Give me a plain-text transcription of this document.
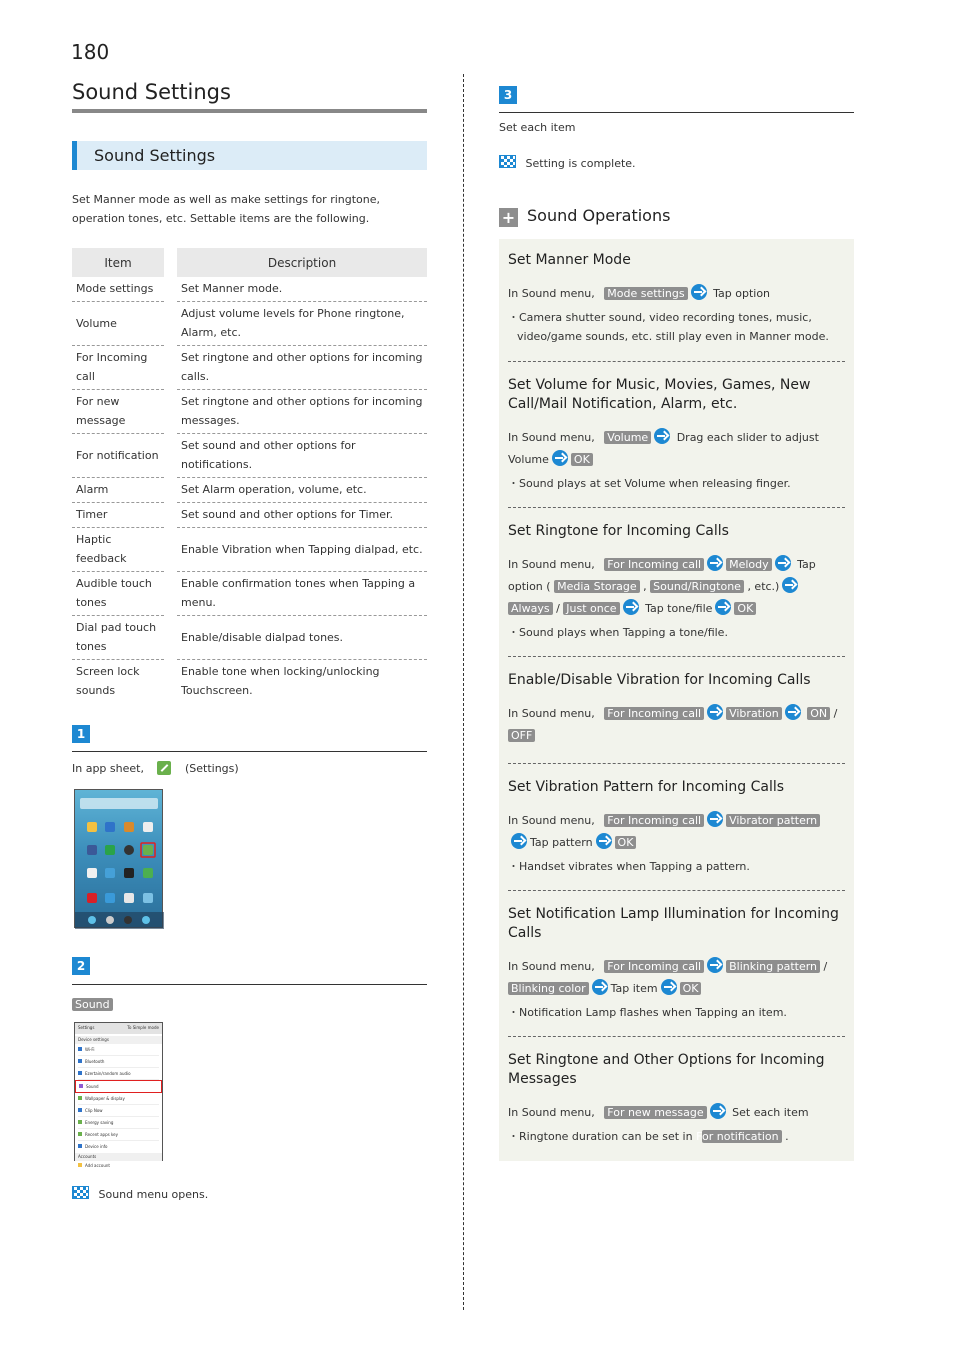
180
Sound Settings
Sound Settings
Set Manner mode as well as make settings for ringtone, operation tones, etc. Settable items are the following.
Item		Description
Mode settings		Set Manner mode.
Volume		Adjust volume levels for Phone ringtone, Alarm, etc.
For Incoming call		Set ringtone and other options for incoming calls.
For new message		Set ringtone and other options for incoming messages.
For notification		Set sound and other options for notifications.
Alarm		Set Alarm operation, volume, etc.
Timer		Set sound and other options for Timer.
Haptic feedback		Enable Vibration when Tapping dialpad, etc.
Audible touch tones		Enable confirmation tones when Tapping a menu.
Dial pad touch tones		Enable/disable dialpad tones.
Screen lock sounds		Enable tone when locking/unlocking Touchscreen.
1
In app sheet,	(Settings)
2
Sound
Settings	To Simple mode
Device settings
Wi-Fi
Bluetooth
Ezertain/random audio
Sound
Wallpaper & display
Clip Now
Energy saving
Recent apps key
Device info
Accounts
Add account
Sound menu opens.
3
Set each item
Setting is complete.
+ Sound Operations
Set Manner Mode
In Sound menu, Mode settings	Tap option
・Camera shutter sound, video recording tones, music, video/game sounds, etc. still play even in Manner mode.
Set Volume for Music, Movies, Games, New Call/Mail Notification, Alarm, etc.
In Sound menu, Volume	Drag each slider to adjust Volume OK
・Sound plays at set Volume when releasing finger.
Set Ringtone for Incoming Calls
In Sound menu, For Incoming call	Melody	Tap option ( Media Storage , Sound/Ringtone , etc.) Always / Just once	Tap tone/file OK
・Sound plays when Tapping a tone/file.
Enable/Disable Vibration for Incoming Calls
In Sound menu, For Incoming call	Vibration	ON / OFF
Set Vibration Pattern for Incoming Calls
In Sound menu, For Incoming call	Vibrator pattern Tap pattern OK
・Handset vibrates when Tapping a pattern.
Set Notification Lamp Illumination for Incoming Calls
In Sound menu, For Incoming call	Blinking pattern / Blinking color Tap item OK
・Notification Lamp flashes when Tapping an item.
Set Ringtone and Other Options for Incoming Messages
In Sound menu, For new message	Set each item
・Ringtone duration can be set in For notification .
